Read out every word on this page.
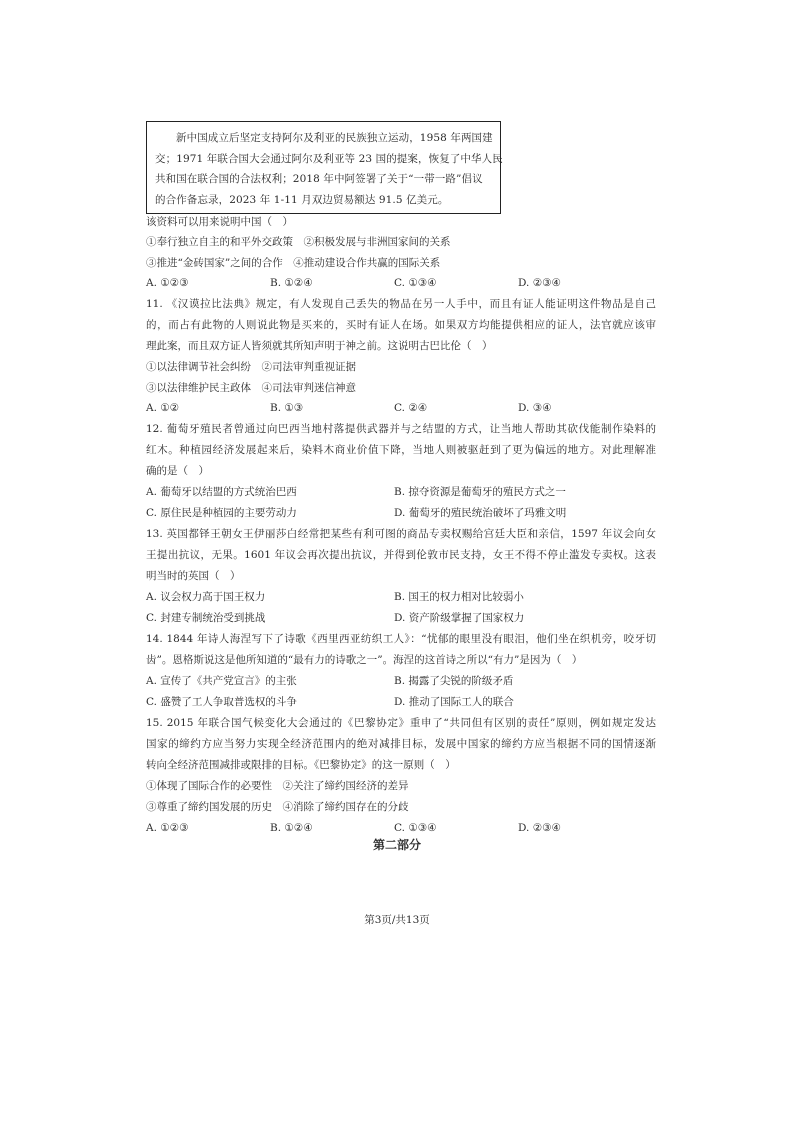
新中国成立后坚定支持阿尔及利亚的民族独立运动，1958 年两国建
交；1971 年联合国大会通过阿尔及利亚等 23 国的提案，恢复了中华人民
共和国在联合国的合法权利；2018 年中阿签署了关于“一带一路”倡议
的合作备忘录，2023 年 1-11 月双边贸易额达 91.5 亿美元。
该资料可以用来说明中国（　）
①奉行独立自主的和平外交政策　②积极发展与非洲国家间的关系
③推进“金砖国家”之间的合作　④推动建设合作共赢的国际关系
A. ①②③	B. ①②④	C. ①③④	D. ②③④
11. 《汉谟拉比法典》规定，有人发现自己丢失的物品在另一人手中，而且有证人能证明这件物品是自己
的，而占有此物的人则说此物是买来的，买时有证人在场。如果双方均能提供相应的证人，法官就应该审
理此案，而且双方证人皆须就其所知声明于神之前。这说明古巴比伦（　）
①以法律调节社会纠纷　②司法审判重视证据
③以法律维护民主政体　④司法审判迷信神意
A. ①②	B. ①③	C. ②④	D. ③④
12. 葡萄牙殖民者曾通过向巴西当地村落提供武器并与之结盟的方式，让当地人帮助其砍伐能制作染料的
红木。种植园经济发展起来后，染料木商业价值下降，当地人则被驱赶到了更为偏远的地方。对此理解准
确的是（　）
A. 葡萄牙以结盟的方式统治巴西	B. 掠夺资源是葡萄牙的殖民方式之一
C. 原住民是种植园的主要劳动力	D. 葡萄牙的殖民统治破坏了玛雅文明
13. 英国都铎王朝女王伊丽莎白经常把某些有利可图的商品专卖权赐给宫廷大臣和亲信，1597 年议会向女
王提出抗议，无果。1601 年议会再次提出抗议，并得到伦敦市民支持，女王不得不停止滥发专卖权。这表
明当时的英国（　）
A. 议会权力高于国王权力	B. 国王的权力相对比较弱小
C. 封建专制统治受到挑战	D. 资产阶级掌握了国家权力
14. 1844 年诗人海涅写下了诗歌《西里西亚纺织工人》：“忧郁的眼里没有眼泪，他们坐在织机旁，咬牙切
齿”。恩格斯说这是他所知道的“最有力的诗歌之一”。海涅的这首诗之所以“有力”是因为（　）
A. 宣传了《共产党宣言》的主张	B. 揭露了尖锐的阶级矛盾
C. 盛赞了工人争取普选权的斗争	D. 推动了国际工人的联合
15. 2015 年联合国气候变化大会通过的《巴黎协定》重申了“共同但有区别的责任”原则，例如规定发达
国家的缔约方应当努力实现全经济范围内的绝对减排目标，发展中国家的缔约方应当根据不同的国情逐渐
转向全经济范围减排或限排的目标。《巴黎协定》的这一原则（　）
①体现了国际合作的必要性　②关注了缔约国经济的差异
③尊重了缔约国发展的历史　④消除了缔约国存在的分歧
A. ①②③	B. ①②④	C. ①③④	D. ②③④
第二部分
第3页/共13页
